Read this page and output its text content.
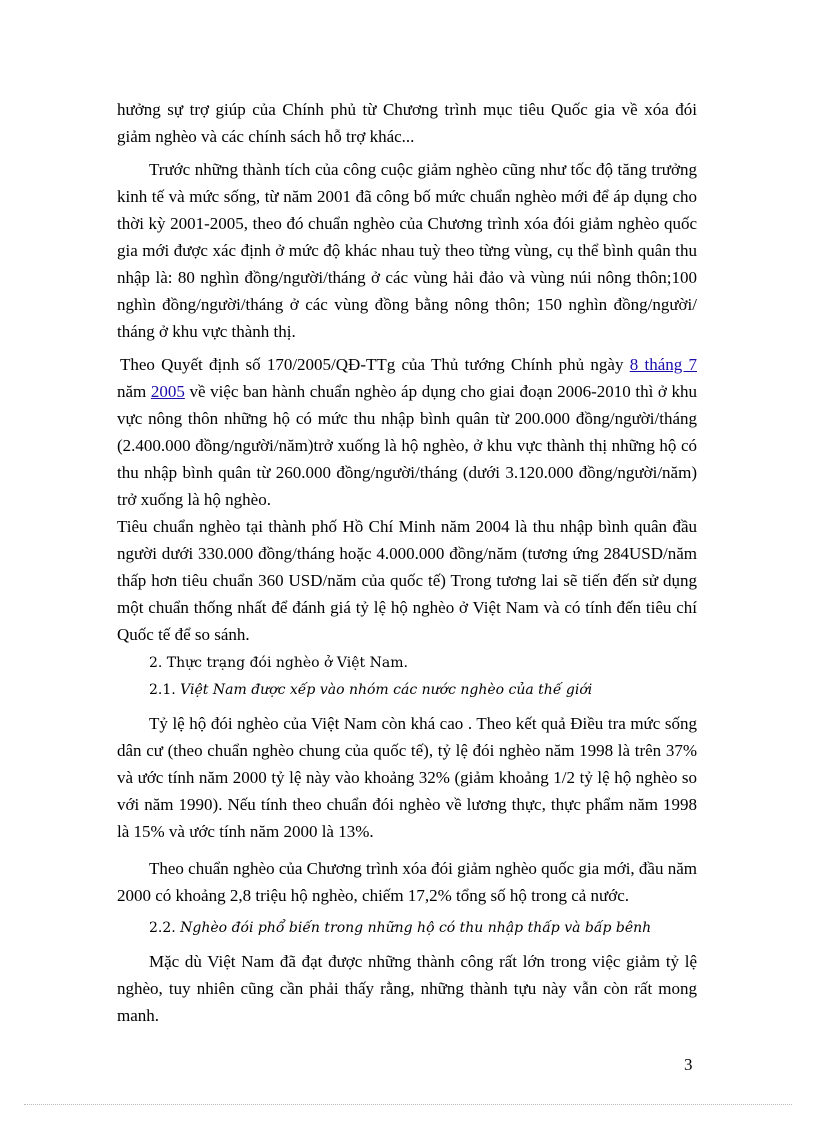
hưởng sự trợ giúp của Chính phủ từ Chương trình mục tiêu Quốc gia về xóa đói giảm nghèo và các chính sách hỗ trợ khác...

Trước những thành tích của công cuộc giảm nghèo cũng như tốc độ tăng trưởng kinh tế và mức sống, từ năm 2001 đã công bố mức chuẩn nghèo mới để áp dụng cho thời kỳ 2001-2005, theo đó chuẩn nghèo của Chương trình xóa đói giảm nghèo quốc gia mới được xác định ở mức độ khác nhau tuỳ theo từng vùng, cụ thể bình quân thu nhập là: 80 nghìn đồng/người/tháng ở các vùng hải đảo và vùng núi nông thôn;100 nghìn đồng/người/tháng ở các vùng đồng bằng nông thôn; 150 nghìn đồng/người/ tháng ở khu vực thành thị.

Theo Quyết định số 170/2005/QĐ-TTg của Thủ tướng Chính phủ ngày 8 tháng 7 năm 2005 về việc ban hành chuẩn nghèo áp dụng cho giai đoạn 2006-2010 thì ở khu vực nông thôn những hộ có mức thu nhập bình quân từ 200.000 đồng/người/tháng (2.400.000 đồng/người/năm)trở xuống là hộ nghèo, ở khu vực thành thị những hộ có thu nhập bình quân từ 260.000 đồng/người/tháng (dưới 3.120.000 đồng/người/năm) trở xuống là hộ nghèo.

Tiêu chuẩn nghèo tại thành phố Hồ Chí Minh năm 2004 là thu nhập bình quân đầu người dưới 330.000 đồng/tháng hoặc 4.000.000 đồng/năm (tương ứng 284USD/năm thấp hơn tiêu chuẩn 360 USD/năm của quốc tế) Trong tương lai sẽ tiến đến sử dụng một chuẩn thống nhất để đánh giá tỷ lệ hộ nghèo ở Việt Nam và có tính đến tiêu chí Quốc tế để so sánh.

2. Thực trạng đói nghèo ở Việt Nam.

2.1. Việt Nam được xếp vào nhóm các nước nghèo của thế giới

Tỷ lệ hộ đói nghèo của Việt Nam còn khá cao . Theo kết quả Điều tra mức sống dân cư (theo chuẩn nghèo chung của quốc tế), tỷ lệ đói nghèo năm 1998 là trên 37% và ước tính năm 2000 tỷ lệ này vào khoảng 32% (giảm khoảng 1/2 tỷ lệ hộ nghèo so với năm 1990). Nếu tính theo chuẩn đói nghèo về lương thực, thực phẩm năm 1998 là 15% và ước tính năm 2000 là 13%.

Theo chuẩn nghèo của Chương trình xóa đói giảm nghèo quốc gia mới, đầu năm 2000 có khoảng 2,8 triệu hộ nghèo, chiếm 17,2% tổng số hộ trong cả nước.

2.2. Nghèo đói phổ biến trong những hộ có thu nhập thấp và bấp bênh

Mặc dù Việt Nam đã đạt được những thành công rất lớn trong việc giảm tỷ lệ nghèo, tuy nhiên cũng cần phải thấy rằng, những thành tựu này vẫn còn rất mong manh.

3
